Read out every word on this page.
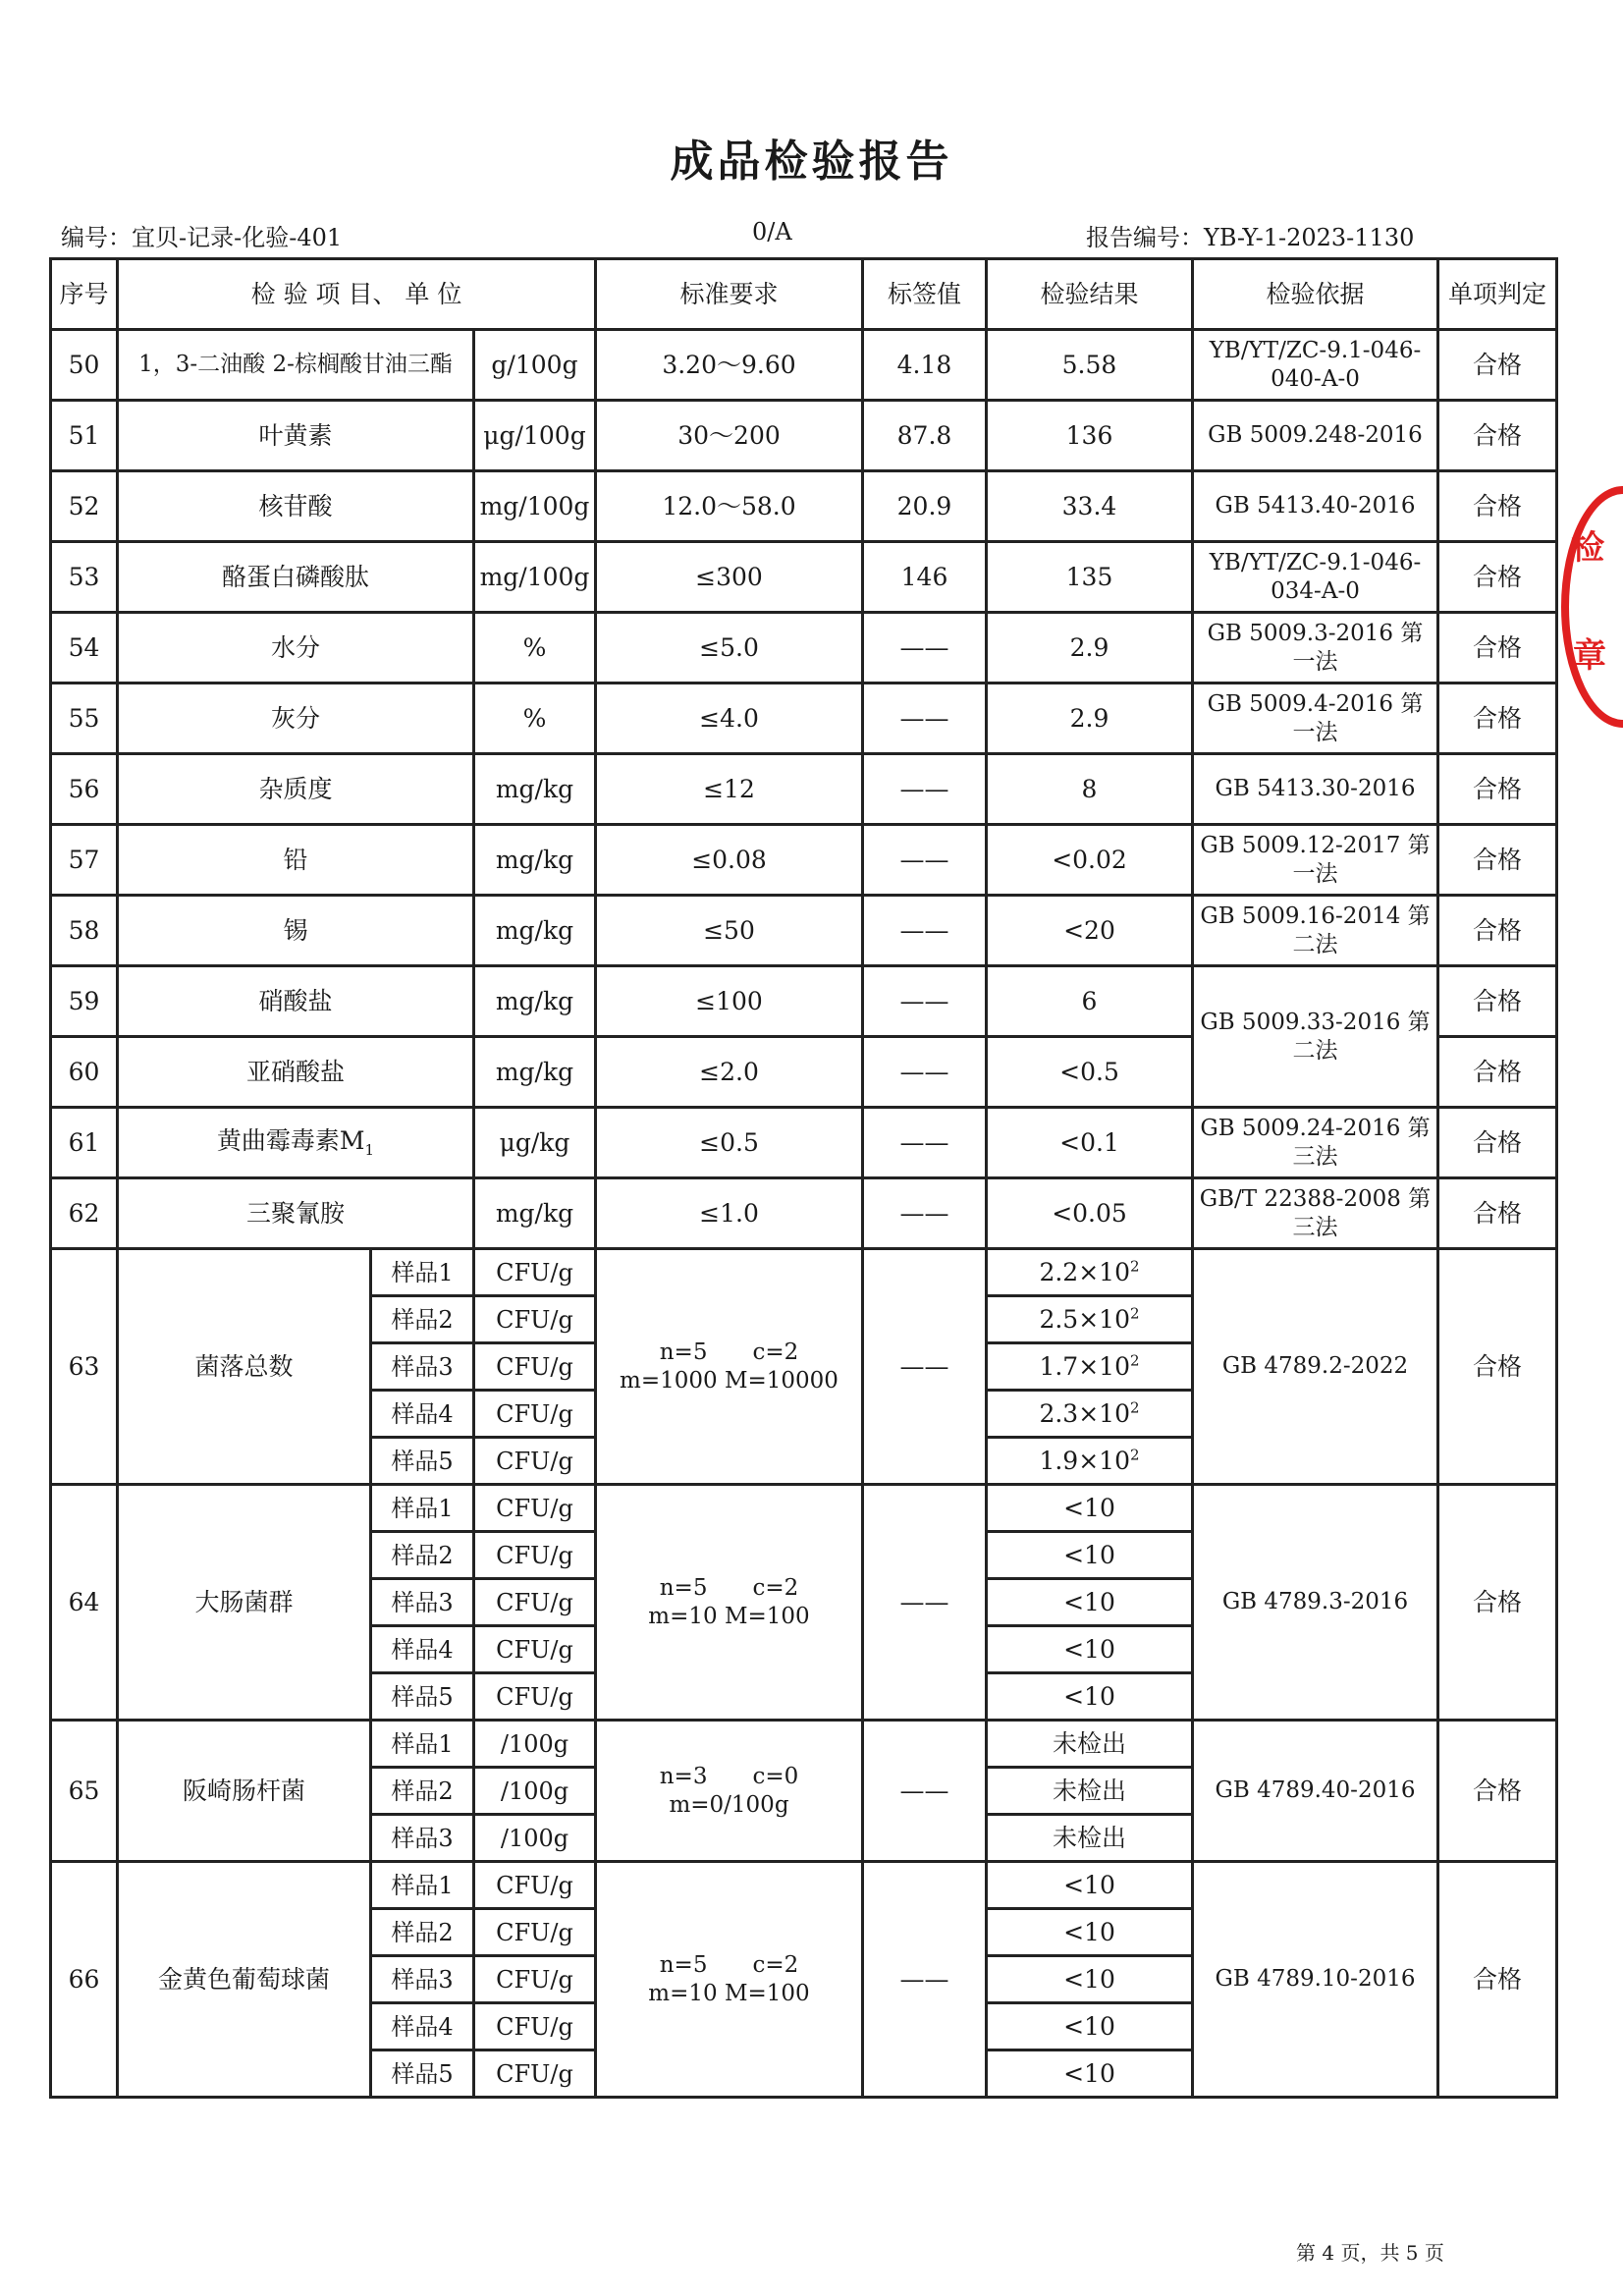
成品检验报告
编号：宜贝-记录-化验-401	0/A	报告编号：YB-Y-1-2023-1130
序号	检 验 项 目、 单 位			标准要求	标签值	检验结果	检验依据	单项判定
50	1，3-二油酸 2-棕榈酸甘油三酯		g/100g	3.20～9.60	4.18	5.58	YB/YT/ZC-9.1-046-040-A-0	合格
51	叶黄素		μg/100g	30～200	87.8	136	GB 5009.248-2016	合格
52	核苷酸		mg/100g	12.0～58.0	20.9	33.4	GB 5413.40-2016	合格
53	酪蛋白磷酸肽		mg/100g	≤300	146	135	YB/YT/ZC-9.1-046-034-A-0	合格
54	水分		%	≤5.0	——	2.9	GB 5009.3-2016 第一法	合格
55	灰分		%	≤4.0	——	2.9	GB 5009.4-2016 第一法	合格
56	杂质度		mg/kg	≤12	——	8	GB 5413.30-2016	合格
57	铅		mg/kg	≤0.08	——	<0.02	GB 5009.12-2017 第一法	合格
58	锡		mg/kg	≤50	——	<20	GB 5009.16-2014 第二法	合格
59	硝酸盐		mg/kg	≤100	——	6	GB 5009.33-2016 第二法	合格
60	亚硝酸盐		mg/kg	≤2.0	——	<0.5		合格
61	黄曲霉毒素$M_1$		μg/kg	≤0.5	——	<0.1	GB 5009.24-2016 第三法	合格
62	三聚氰胺		mg/kg	≤1.0	——	<0.05	GB/T 22388-2008 第三法	合格
63	菌落总数	样品1	CFU/g	n=5　　c=2
m=1000 M=10000	——	$2.2\times 10^2$	GB 4789.2-2022	合格
		样品2	CFU/g			$2.5\times 10^2$
		样品3	CFU/g			$1.7\times 10^2$
		样品4	CFU/g			$2.3\times 10^2$
		样品5	CFU/g			$1.9\times 10^2$
64	大肠菌群	样品1	CFU/g	n=5　　c=2
m=10 M=100	——	<10	GB 4789.3-2016	合格
		样品2	CFU/g			<10		
		样品3	CFU/g			<10		
		样品4	CFU/g			<10		
		样品5	CFU/g			<10		
65	阪崎肠杆菌	样品1	/100g	n=3　　c=0
m=0/100g	——	未检出	GB 4789.40-2016	合格
		样品2	/100g			未检出		
		样品3	/100g			未检出		
66	金黄色葡萄球菌	样品1	CFU/g	n=5　　c=2
m=10 M=100	——	<10	GB 4789.10-2016	合格
		样品2	CFU/g			<10		
		样品3	CFU/g			<10		
		样品4	CFU/g			<10		
		样品5	CFU/g			<10		
第 4 页，共 5 页
检
章
